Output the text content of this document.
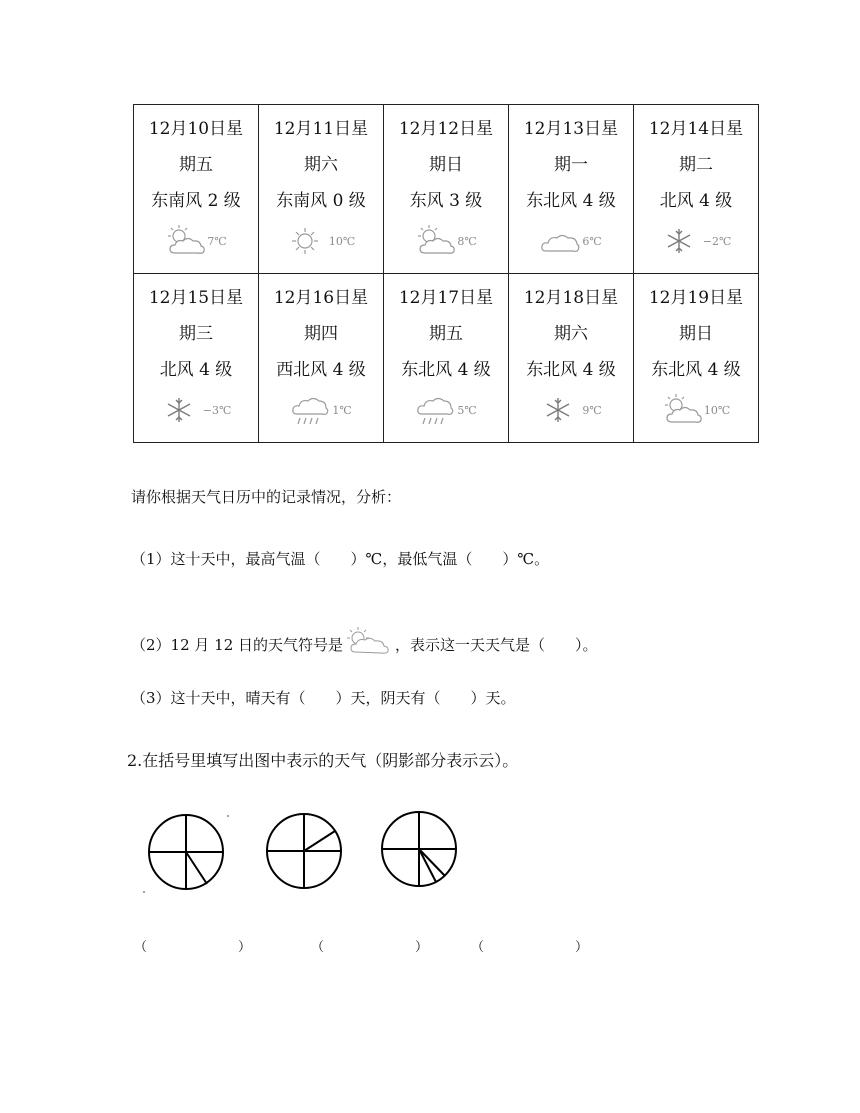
12月10日星
期五
东南风 2 级
7℃	12月11日星
期六
东南风 0 级
10℃	12月12日星
期日
东风 3 级
8℃	12月13日星
期一
东北风 4 级
6℃	12月14日星
期二
北风 4 级
−2℃

12月15日星
期三
北风 4 级
−3℃	12月16日星
期四
西北风 4 级
1℃	12月17日星
期五
东北风 4 级
5℃	12月18日星
期六
东北风 4 级
9℃	12月19日星
期日
东北风 4 级
10℃
请你根据天气日历中的记录情况，分析：
（1）这十天中，最高气温（　　）℃，最低气温（　　）℃。
（2）12 月 12 日的天气符号是	，表示这一天天气是（　　）。
（3）这十天中，晴天有（　　）天，阴天有（　　）天。
2.在括号里填写出图中表示的天气（阴影部分表示云）。
（　　　　　　　）	（　　　　　　　）	（　　　　　　　）
